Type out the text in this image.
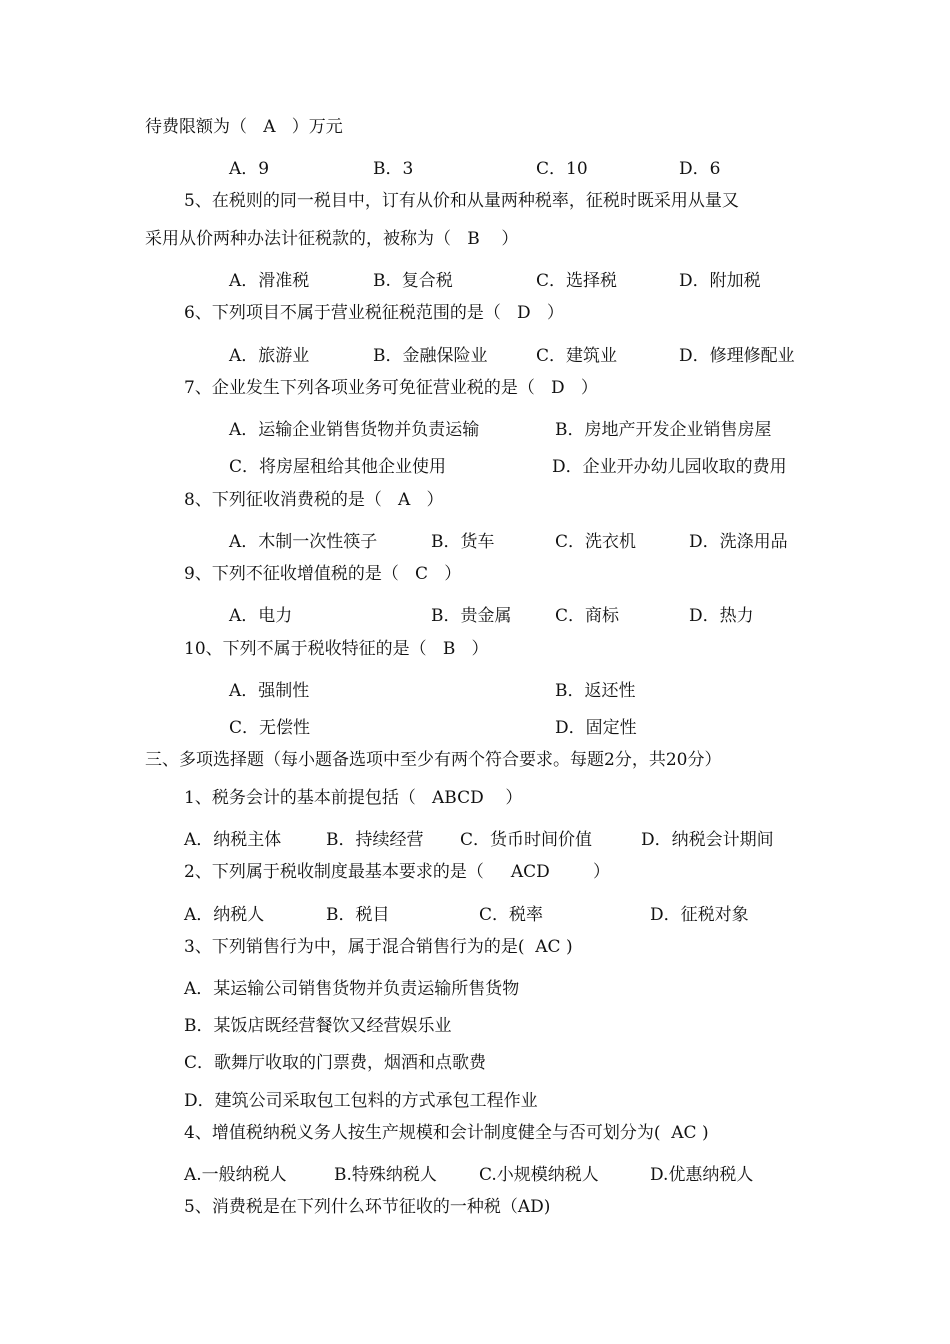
待费限额为（   A   ）万元
A．9	B．3	C．10	D．6
5、在税则的同一税目中，订有从价和从量两种税率，征税时既采用从量又
采用从价两种办法计征税款的，被称为（   B    ）
A．滑准税	B.  复合税	C．选择税	D．附加税
6、下列项目不属于营业税征税范围的是（   D   ）
A．旅游业	B．金融保险业	C．建筑业	D．修理修配业
7、企业发生下列各项业务可免征营业税的是（   D   ）
A．运输企业销售货物并负责运输	B．房地产开发企业销售房屋
C．将房屋租给其他企业使用	D．企业开办幼儿园收取的费用
8、下列征收消费税的是（   A   ）
A．木制一次性筷子	B．货车	C．洗衣机	D．洗涤用品
9、下列不征收增值税的是（   C   ）
A．电力	B．贵金属	C．商标	D．热力
10、下列不属于税收特征的是（   B   ）
A．强制性	B．返还性
C．无偿性	D．固定性
三、多项选择题（每小题备选项中至少有两个符合要求。每题2分，共20分）
1、税务会计的基本前提包括（   ABCD    ）
A．纳税主体	B．持续经营 C．货币时间价值	D．纳税会计期间
2、下列属于税收制度最基本要求的是（     ACD        ）
A．纳税人	B．税目	C．税率	D．征税对象
3、下列销售行为中，属于混合销售行为的是(  AC )
A．某运输公司销售货物并负责运输所售货物
B．某饭店既经营餐饮又经营娱乐业
C．歌舞厅收取的门票费，烟酒和点歌费
D．建筑公司采取包工包料的方式承包工程作业
4、增值税纳税义务人按生产规模和会计制度健全与否可划分为(  AC )
A.一般纳税人	B.特殊纳税人 C.小规模纳税人	D.优惠纳税人
5、消费税是在下列什么环节征收的一种税（AD)
